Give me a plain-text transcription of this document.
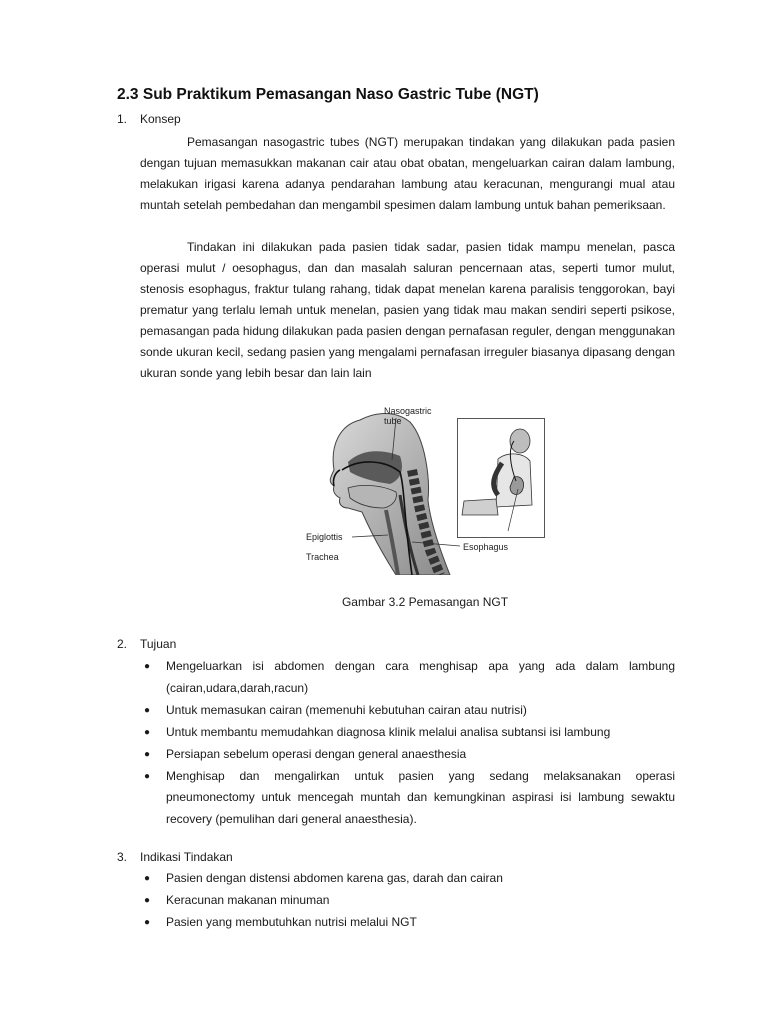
2.3 Sub Praktikum Pemasangan Naso Gastric Tube (NGT)
1. Konsep

Pemasangan nasogastric tubes (NGT) merupakan tindakan yang dilakukan pada pasien dengan tujuan memasukkan makanan cair atau obat obatan, mengeluarkan cairan dalam lambung, melakukan irigasi karena adanya pendarahan lambung atau keracunan, mengurangi mual atau muntah setelah pembedahan dan mengambil spesimen dalam lambung untuk bahan pemeriksaan.

Tindakan ini dilakukan pada pasien tidak sadar, pasien tidak mampu menelan, pasca operasi mulut / oesophagus, dan dan masalah saluran pencernaan atas, seperti tumor mulut, stenosis esophagus, fraktur tulang rahang, tidak dapat menelan karena paralisis tenggorokan, bayi prematur yang terlalu lemah untuk menelan, pasien yang tidak mau makan sendiri seperti psikose, pemasangan pada hidung dilakukan pada pasien dengan pernafasan reguler, dengan menggunakan sonde ukuran kecil, sedang pasien yang mengalami pernafasan irreguler biasanya dipasang dengan ukuran sonde yang lebih besar dan lain lain

Nasogastric
tube
Epiglottis
Trachea
Esophagus
Gambar 3.2 Pemasangan NGT
2. Tujuan
● Mengeluarkan isi abdomen dengan cara menghisap apa yang ada dalam lambung (cairan,udara,darah,racun)
● Untuk memasukan cairan (memenuhi kebutuhan cairan atau nutrisi)
● Untuk membantu memudahkan diagnosa klinik melalui analisa subtansi isi lambung
● Persiapan sebelum operasi dengan general anaesthesia
● Menghisap dan mengalirkan untuk pasien yang sedang melaksanakan operasi pneumonectomy untuk mencegah muntah dan kemungkinan aspirasi isi lambung sewaktu recovery (pemulihan dari general anaesthesia).
3. Indikasi Tindakan
● Pasien dengan distensi abdomen karena gas, darah dan cairan
● Keracunan makanan minuman
● Pasien yang membutuhkan nutrisi melalui NGT
